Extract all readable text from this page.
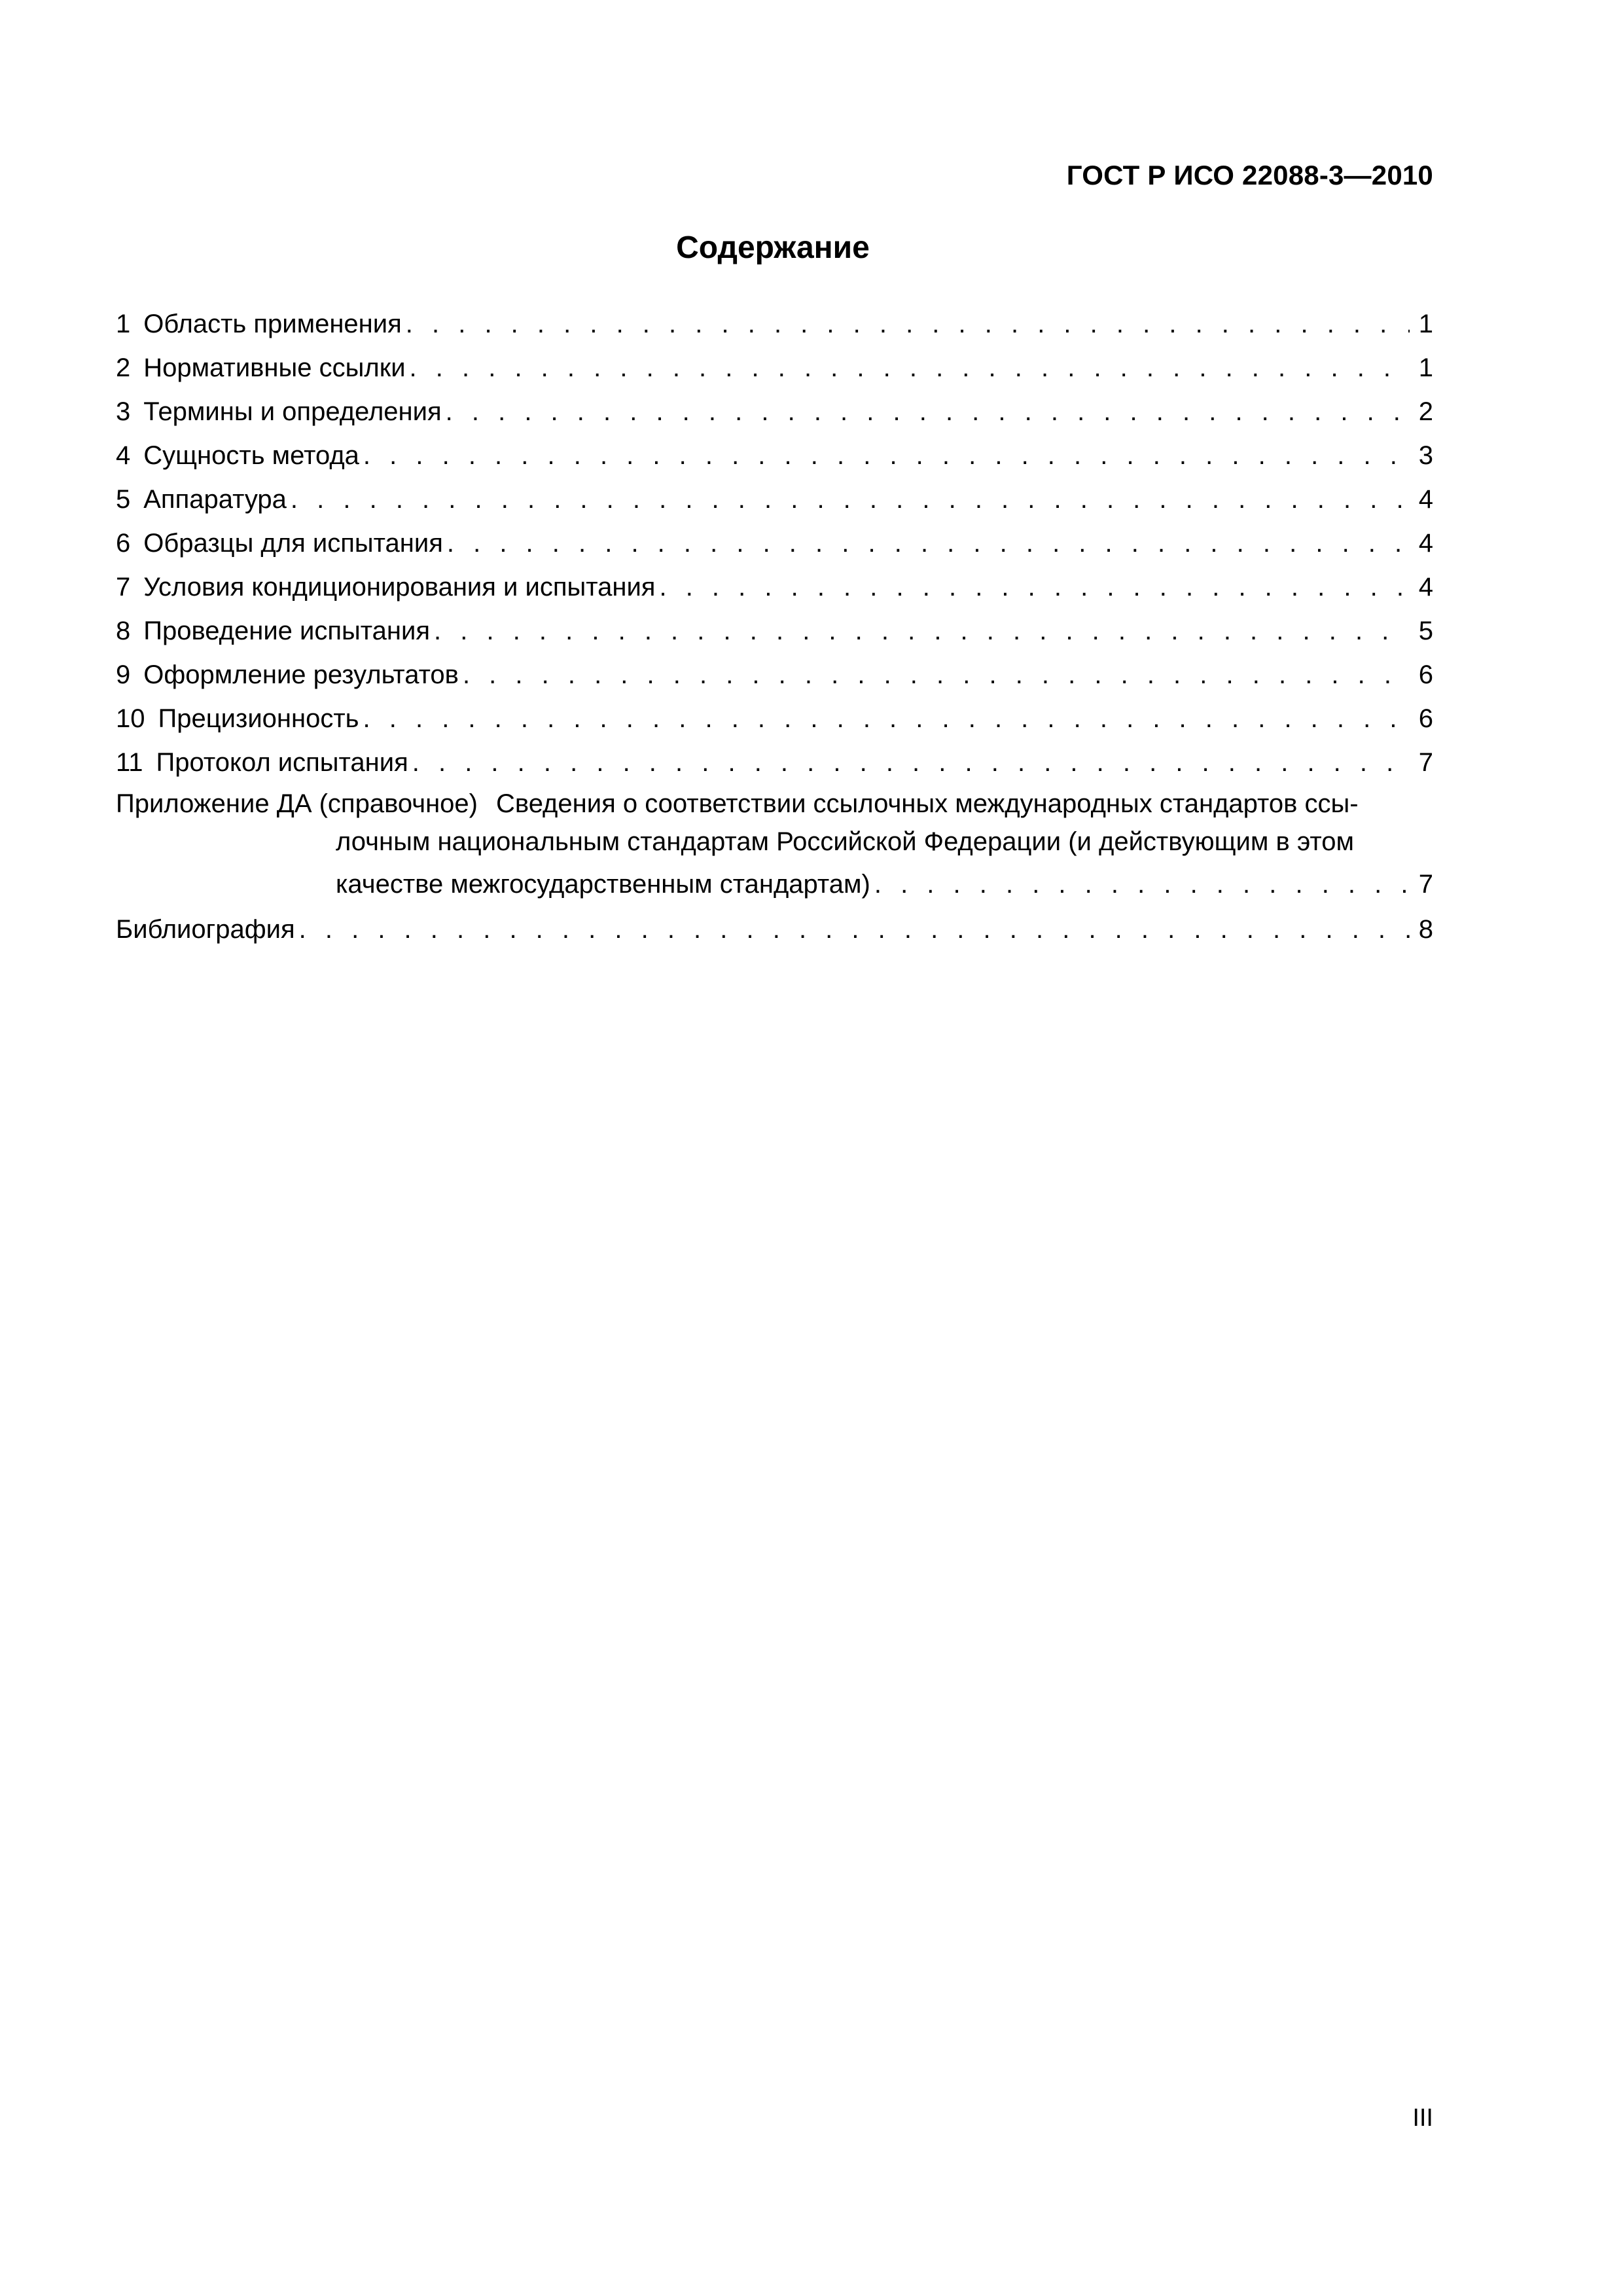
ГОСТ Р ИСО 22088-3—2010
Содержание
1 Область применения . . .	1
2 Нормативные ссылки . . .	1
3 Термины и определения . . .	2
4 Сущность метода . . .	3
5 Аппаратура . . .	4
6 Образцы для испытания . . .	4
7 Условия кондиционирования и испытания . . .	4
8 Проведение испытания . . .	5
9 Оформление результатов . . .	6
10 Прецизионность . . .	6
11 Протокол испытания . . .	7
Приложение ДА (справочное) Сведения о соответствии ссылочных международных стандартов ссы-
лочным национальным стандартам Российской Федерации (и действующим в этом
качестве межгосударственным стандартам) . . .	7
Библиография . . .	8
III
